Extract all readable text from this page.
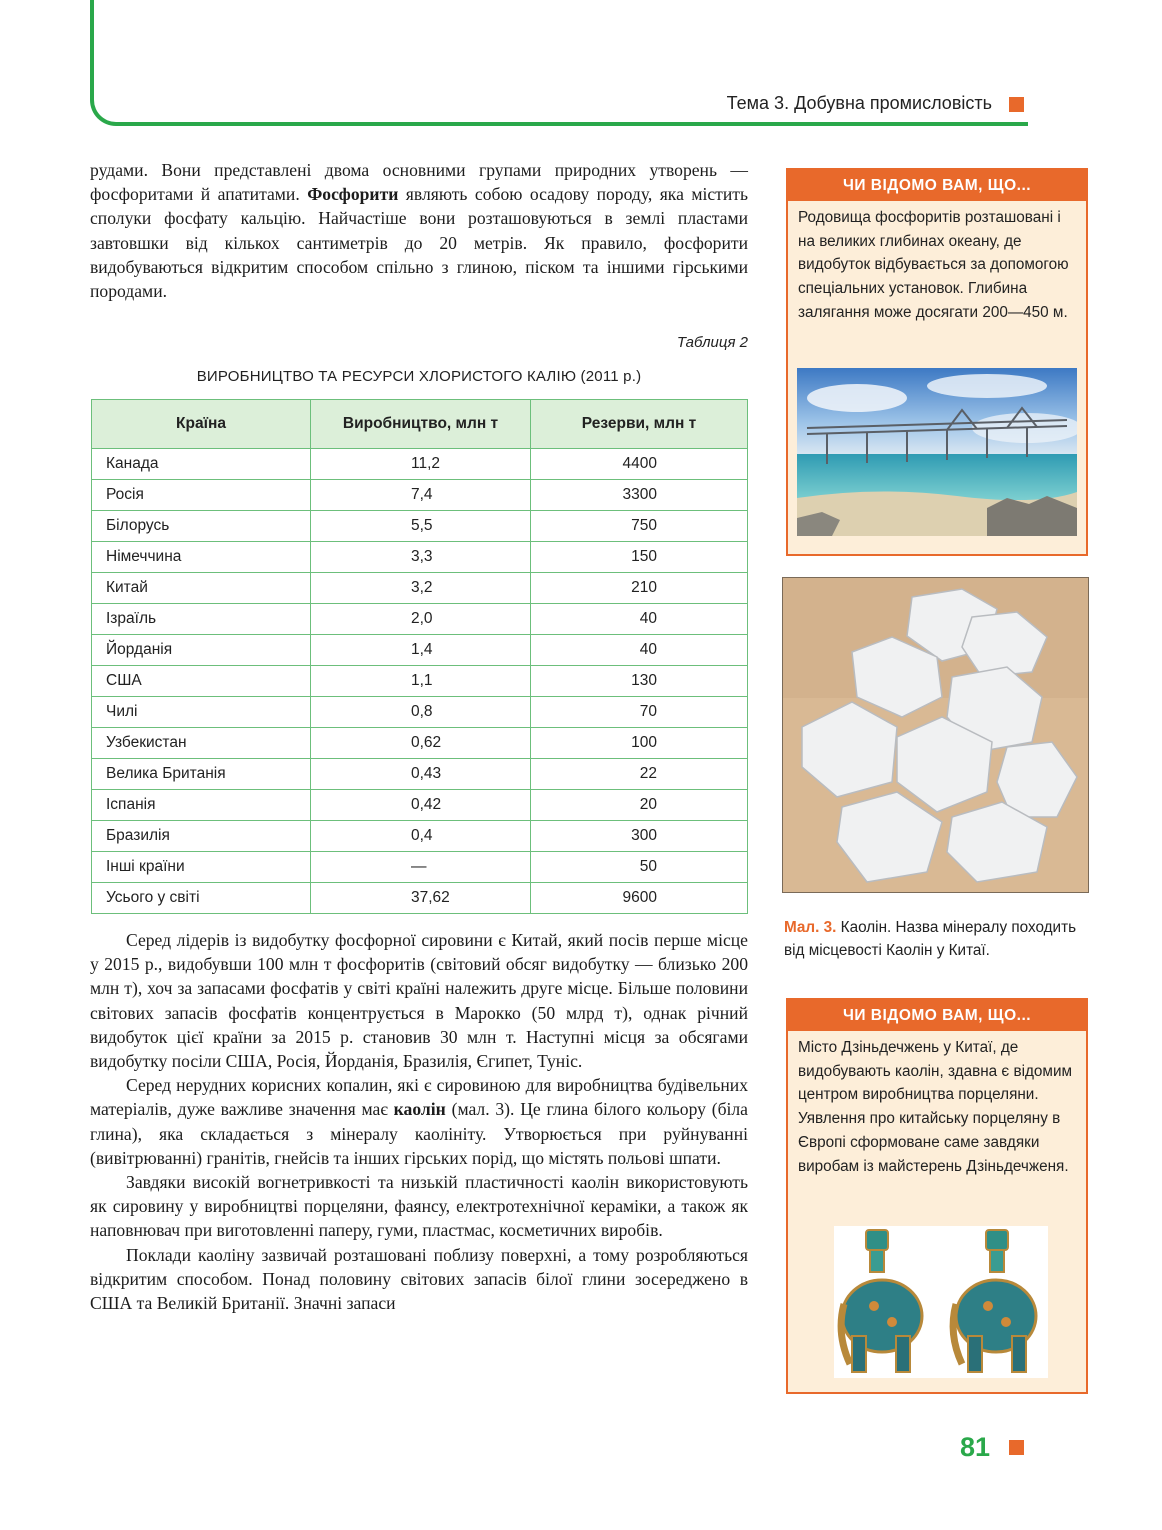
Тема 3. Добувна промисловість

рудами. Вони представлені двома основними групами природних утворень — фосфоритами й апатитами. Фосфорити являють собою осадову породу, яка містить сполуки фосфату кальцію. Найчастіше вони розташовуються в землі пластами завтовшки від кількох сантиметрів до 20 метрів. Як правило, фосфорити видобуваються відкритим способом спільно з глиною, піском та іншими гірськими породами.

Таблиця 2
ВИРОБНИЦТВО ТА РЕСУРСИ ХЛОРИСТОГО КАЛІЮ (2011 р.)
Країна	Виробництво, млн т	Резерви, млн т
Канада	11,2	4400
Росія	7,4	3300
Білорусь	5,5	750
Німеччина	3,3	150
Китай	3,2	210
Ізраїль	2,0	40
Йорданія	1,4	40
США	1,1	130
Чилі	0,8	70
Узбекистан	0,62	100
Велика Британія	0,43	22
Іспанія	0,42	20
Бразилія	0,4	300
Інші країни	—	50
Усього у світі	37,62	9600

Серед лідерів із видобутку фосфорної сировини є Китай, який посів перше місце у 2015 р., видобувши 100 млн т фосфоритів (світовий обсяг видобутку — близько 200 млн т), хоч за запасами фосфатів у світі країні належить друге місце. Більше половини світових запасів фосфатів концентрується в Марокко (50 млрд т), однак річний видобуток цієї країни за 2015 р. становив 30 млн т. Наступні місця за обсягами видобутку посіли США, Росія, Йорданія, Бразилія, Єгипет, Туніс.

Серед нерудних корисних копалин, які є сировиною для виробництва будівельних матеріалів, дуже важливе значення має каолін (мал. 3). Це глина білого кольору (біла глина), яка складається з мінералу каолініту. Утворюється при руйнуванні (вивітрюванні) гранітів, гнейсів та інших гірських порід, що містять польові шпати.

Завдяки високій вогнетривкості та низькій пластичності каолін використовують як сировину у виробництві порцеляни, фаянсу, електротехнічної кераміки, а також як наповнювач при виготовленні паперу, гуми, пластмас, косметичних виробів.

Поклади каоліну зазвичай розташовані поблизу поверхні, а тому розробляються відкритим способом. Понад половину світових запасів білої глини зосереджено в США та Великій Британії. Значні запаси

ЧИ ВІДОМО ВАМ, ЩО...
Родовища фосфоритів розташовані і на великих глибинах океану, де видобуток відбувається за допомогою спеціальних установок. Глибина залягання може досягати 200—450 м.
Мал. 3. Каолін. Назва мінералу походить від місцевості Каолін у Китаї.
ЧИ ВІДОМО ВАМ, ЩО...
Місто Дзіньдечжень у Китаї, де видобувають каолін, здавна є відомим центром виробництва порцеляни. Уявлення про китайську порцеляну в Європі сформоване саме завдяки виробам із майстерень Дзіньдечженя.
81
